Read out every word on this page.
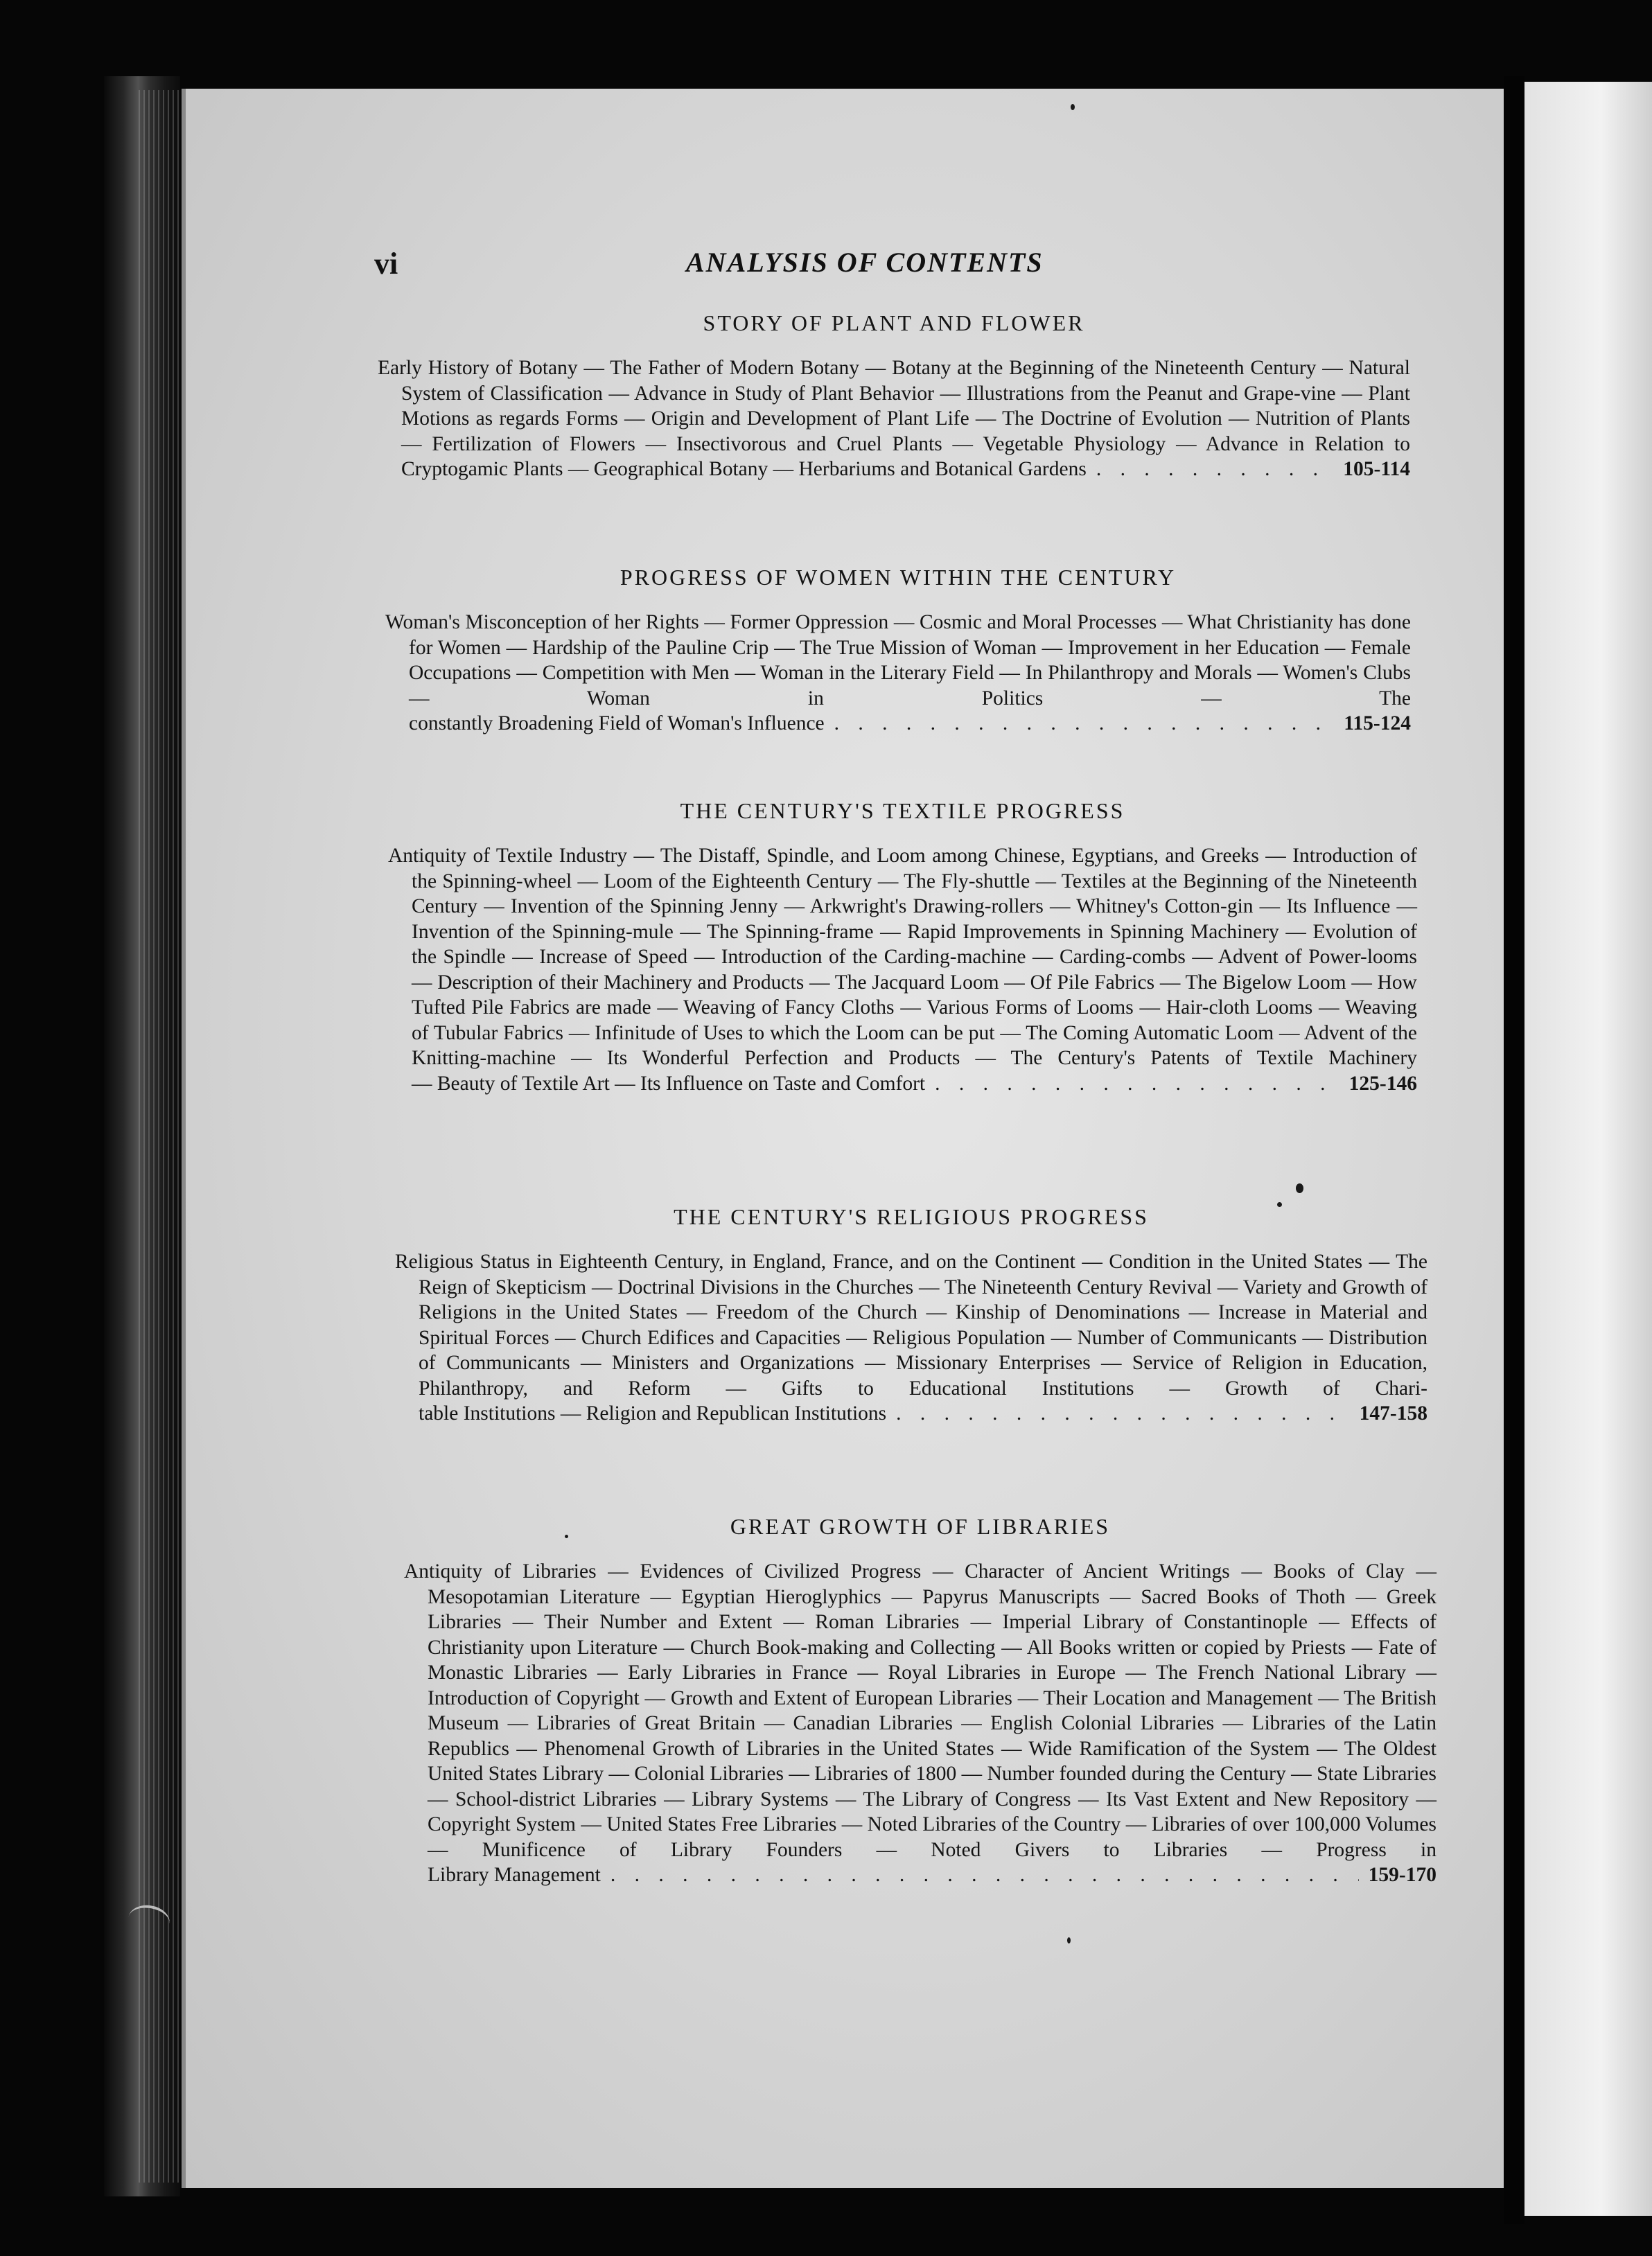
vi	ANALYSIS OF CONTENTS
STORY OF PLANT AND FLOWER

Early History of Botany — The Father of Modern Botany — Botany at the Beginning of the Nineteenth Century — Natural System of Classification — Advance in Study of Plant Behavior — Illustrations from the Peanut and Grape-vine — Plant Motions as regards Forms — Origin and Development of Plant Life — The Doctrine of Evolution — Nutrition of Plants — Fertilization of Flowers — Insectivorous and Cruel Plants — Vegetable Physiology — Advance in Relation to

Cryptogamic Plants — Geographical Botany — Herbariums and Botanical Gardens . . .	105-114
PROGRESS OF WOMEN WITHIN THE CENTURY

Woman's Misconception of her Rights — Former Oppression — Cosmic and Moral Processes — What Christianity has done for Women — Hardship of the Pauline Crip — The True Mission of Woman — Improvement in her Education — Female Occupations — Competition with Men — Woman in the Literary Field — In Philanthropy and Morals — Women's Clubs — Woman in Politics — The

constantly Broadening Field of Woman's Influence . . .	115-124
THE CENTURY'S TEXTILE PROGRESS

Antiquity of Textile Industry — The Distaff, Spindle, and Loom among Chinese, Egyptians, and Greeks — Introduction of the Spinning-wheel — Loom of the Eighteenth Century — The Fly-shuttle — Textiles at the Beginning of the Nineteenth Century — Invention of the Spinning Jenny — Arkwright's Drawing-rollers — Whitney's Cotton-gin — Its Influence — Invention of the Spinning-mule — The Spinning-frame — Rapid Improvements in Spinning Machinery — Evolution of the Spindle — Increase of Speed — Introduction of the Carding-machine — Carding-combs — Advent of Power-looms — Description of their Machinery and Products — The Jacquard Loom — Of Pile Fabrics — The Bigelow Loom — How Tufted Pile Fabrics are made — Weaving of Fancy Cloths — Various Forms of Looms — Hair-cloth Looms — Weaving of Tubular Fabrics — Infinitude of Uses to which the Loom can be put — The Coming Automatic Loom — Advent of the Knitting-machine — Its Wonderful Perfection and Products — The Century's Patents of Textile Machinery

— Beauty of Textile Art — Its Influence on Taste and Comfort . . .	125-146
THE CENTURY'S RELIGIOUS PROGRESS

Religious Status in Eighteenth Century, in England, France, and on the Continent — Condition in the United States — The Reign of Skepticism — Doctrinal Divisions in the Churches — The Nineteenth Century Revival — Variety and Growth of Religions in the United States — Freedom of the Church — Kinship of Denominations — Increase in Material and Spiritual Forces — Church Edifices and Capacities — Religious Population — Number of Communicants — Distribution of Communicants — Ministers and Organizations — Missionary Enterprises — Service of Religion in Education, Philanthropy, and Reform — Gifts to Educational Institutions — Growth of Chari-

table Institutions — Religion and Republican Institutions . . .	147-158
GREAT GROWTH OF LIBRARIES

Antiquity of Libraries — Evidences of Civilized Progress — Character of Ancient Writings — Books of Clay — Mesopotamian Literature — Egyptian Hieroglyphics — Papyrus Manuscripts — Sacred Books of Thoth — Greek Libraries — Their Number and Extent — Roman Libraries — Imperial Library of Constantinople — Effects of Christianity upon Literature — Church Book-making and Collecting — All Books written or copied by Priests — Fate of Monastic Libraries — Early Libraries in France — Royal Libraries in Europe — The French National Library — Introduction of Copyright — Growth and Extent of European Libraries — Their Location and Management — The British Museum — Libraries of Great Britain — Canadian Libraries — English Colonial Libraries — Libraries of the Latin Republics — Phenomenal Growth of Libraries in the United States — Wide Ramification of the System — The Oldest United States Library — Colonial Libraries — Libraries of 1800 — Number founded during the Century — State Libraries — School-district Libraries — Library Systems — The Library of Congress — Its Vast Extent and New Repository — Copyright System — United States Free Libraries — Noted Libraries of the Country — Libraries of over 100,000 Volumes — Munificence of Library Founders — Noted Givers to Libraries — Progress in

Library Management . . .	159-170
